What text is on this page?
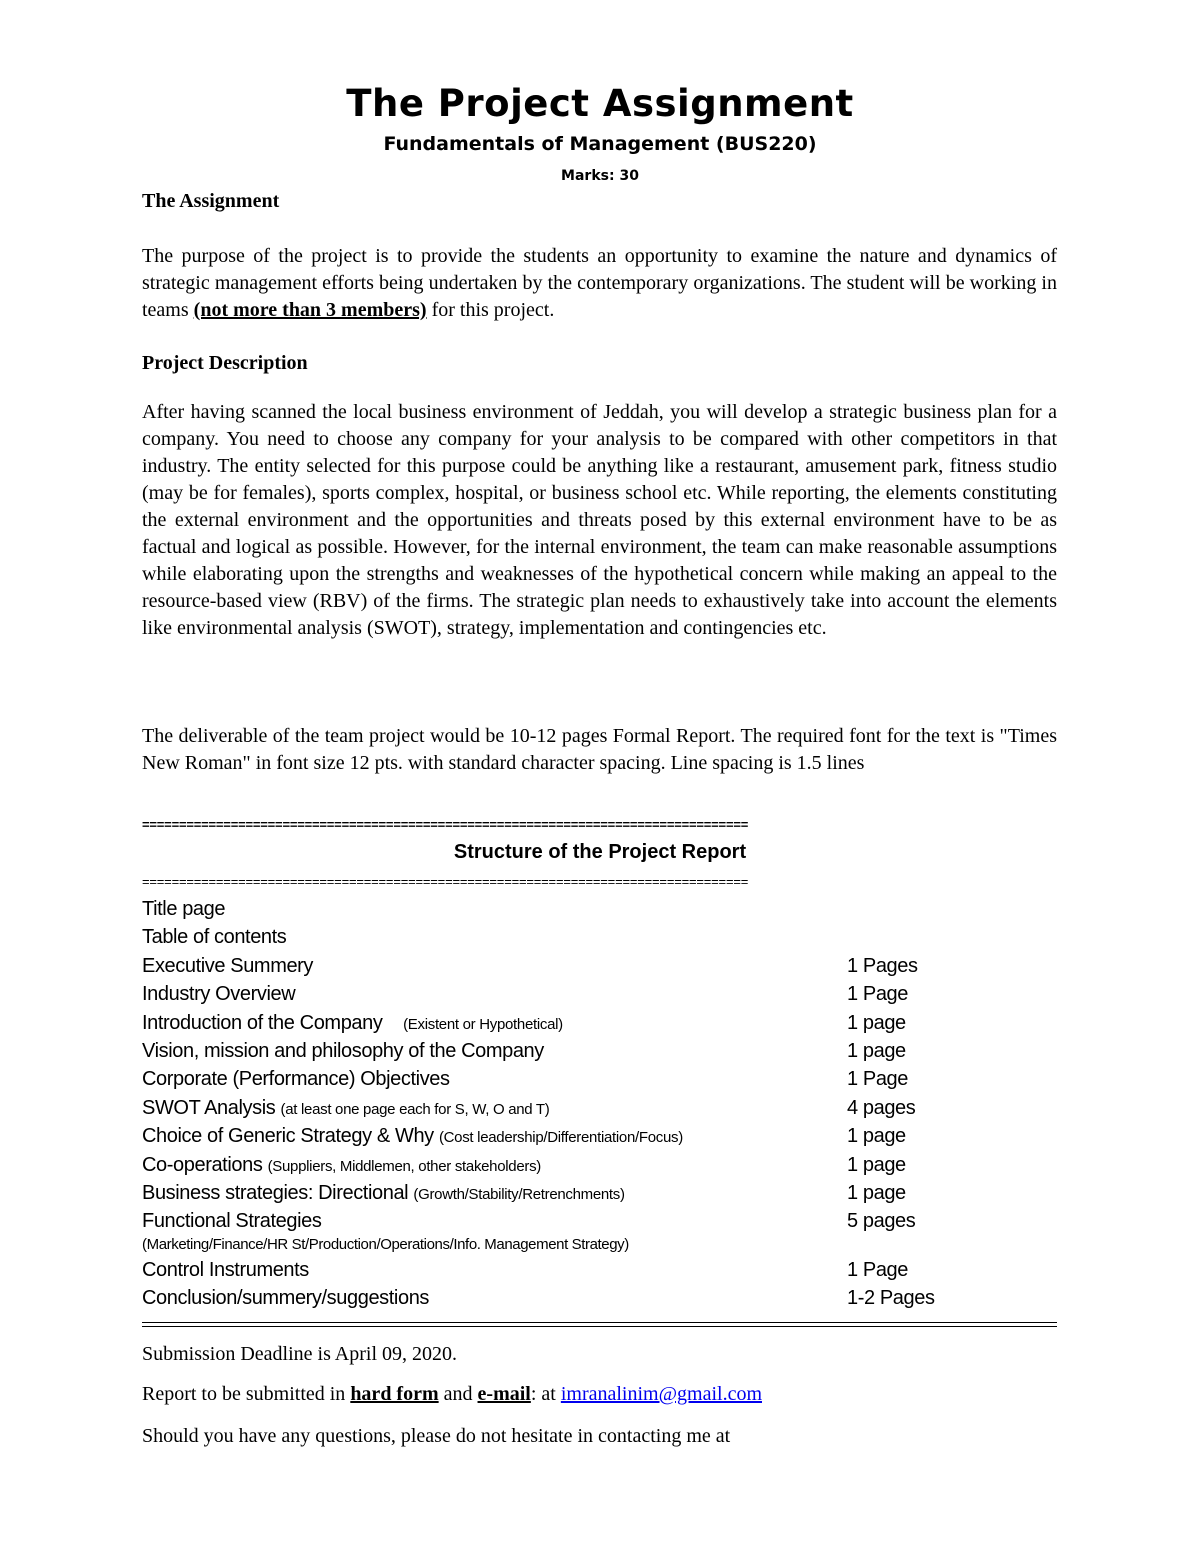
The Project Assignment
Fundamentals of Management (BUS220)
Marks: 30
The Assignment

The purpose of the project is to provide the students an opportunity to examine the nature and dynamics of strategic management efforts being undertaken by the contemporary organizations. The student will be working in teams (not more than 3 members) for this project.

Project Description

After having scanned the local business environment of Jeddah, you will develop a strategic business plan for a company. You need to choose any company for your analysis to be compared with other competitors in that industry. The entity selected for this purpose could be anything like a restaurant, amusement park, fitness studio (may be for females), sports complex, hospital, or business school etc. While reporting, the elements constituting the external environment and the opportunities and threats posed by this external environment have to be as factual and logical as possible. However, for the internal environment, the team can make reasonable assumptions while elaborating upon the strengths and weaknesses of the hypothetical concern while making an appeal to the resource-based view (RBV) of the firms. The strategic plan needs to exhaustively take into account the elements like environmental analysis (SWOT), strategy, implementation and contingencies etc.

The deliverable of the team project would be 10-12 pages Formal Report. The required font for the text is "Times New Roman" in font size 12 pts. with standard character spacing. Line spacing is 1.5 lines

==================================================================================
Structure of the Project Report
==================================================================================
Title page
Table of contents
Executive Summery	1 Pages
Industry Overview	1 Page
Introduction of the Company (Existent or Hypothetical)	1 page
Vision, mission and philosophy of the Company	1 page
Corporate (Performance) Objectives	1 Page
SWOT Analysis (at least one page each for S, W, O and T)	4 pages
Choice of Generic Strategy & Why (Cost leadership/Differentiation/Focus)	1 page
Co-operations (Suppliers, Middlemen, other stakeholders)	1 page
Business strategies: Directional (Growth/Stability/Retrenchments)	1 page
Functional Strategies	5 pages
(Marketing/Finance/HR St/Production/Operations/Info. Management Strategy)
Control Instruments	1 Page
Conclusion/summery/suggestions	1-2 Pages
Submission Deadline is April 09, 2020.
Report to be submitted in hard form and e-mail: at imranalinim@gmail.com
Should you have any questions, please do not hesitate in contacting me at
